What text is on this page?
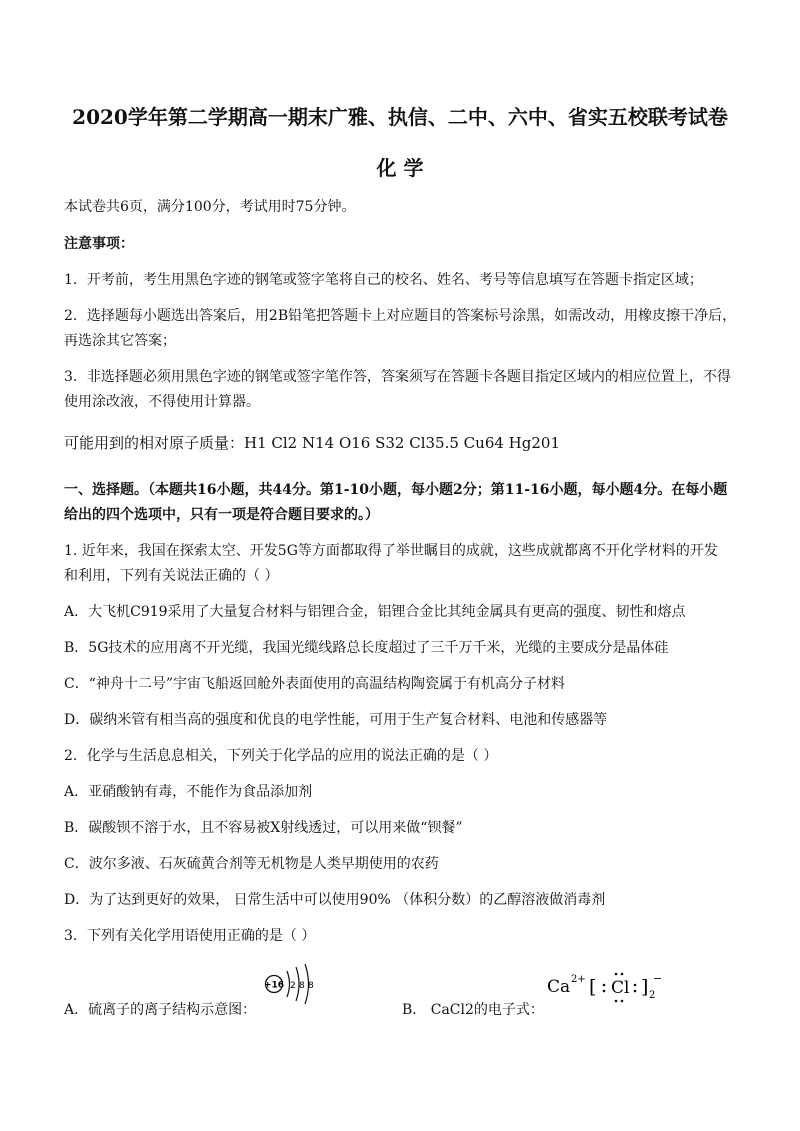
2020学年第二学期高一期末广雅、执信、二中、六中、省实五校联考试卷
化 学
本试卷共6页，满分100分，考试用时75分钟。
注意事项：
1．开考前，考生用黑色字迹的钢笔或签字笔将自己的校名、姓名、考号等信息填写在答题卡指定区域；
2．选择题每小题选出答案后，用2B铅笔把答题卡上对应题目的答案标号涂黑，如需改动，用橡皮擦干净后，
再选涂其它答案；
3．非选择题必须用黑色字迹的钢笔或签字笔作答，答案须写在答题卡各题目指定区域内的相应位置上，不得
使用涂改液，不得使用计算器。
可能用到的相对原子质量：H1 Cl2 N14 O16 S32 Cl35.5 Cu64 Hg201
一、选择题。（本题共16小题，共44分。第1-10小题，每小题2分；第11-16小题，每小题4分。在每小题
给出的四个选项中，只有一项是符合题目要求的。）
1. 近年来，我国在探索太空、开发5G等方面都取得了举世瞩目的成就，这些成就都离不开化学材料的开发
和利用，下列有关说法正确的（ ）
A．大飞机C919采用了大量复合材料与铝锂合金，铝锂合金比其纯金属具有更高的强度、韧性和熔点
B．5G技术的应用离不开光缆，我国光缆线路总长度超过了三千万千米，光缆的主要成分是晶体硅
C．“神舟十二号”宇宙飞船返回舱外表面使用的高温结构陶瓷属于有机高分子材料
D．碳纳米管有相当高的强度和优良的电学性能，可用于生产复合材料、电池和传感器等
2．化学与生活息息相关，下列关于化学品的应用的说法正确的是（ ）
A．亚硝酸钠有毒，不能作为食品添加剂
B．碳酸钡不溶于水，且不容易被X射线透过，可以用来做“钡餐”
C．波尔多液、石灰硫黄合剂等无机物是人类早期使用的农药
D．为了达到更好的效果， 日常生活中可以使用90% （体积分数）的乙醇溶液做消毒剂
3．下列有关化学用语使用正确的是（ ）
A．硫离子的离子结构示意图：
+16 2 8 8
B． CaCl2的电子式：
Ca 2+ [ Cl ] 2
−
